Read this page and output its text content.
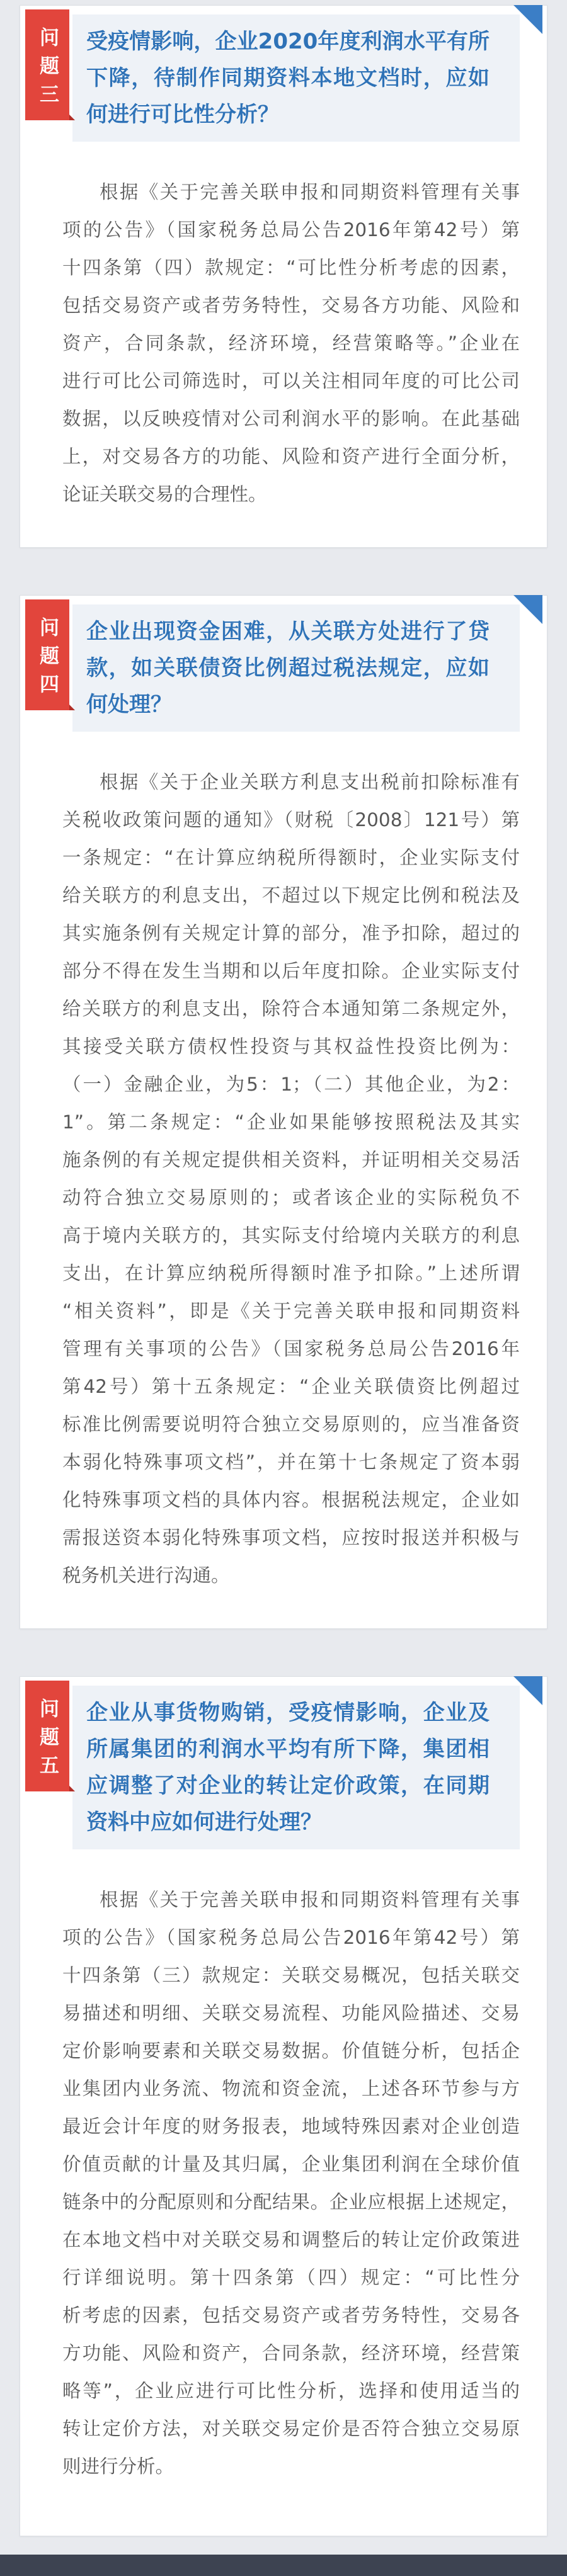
问题三	受疫情影响，企业2020年度利润水平有所
下降，待制作同期资料本地文档时，应如
何进行可比性分析？
根据《关于完善关联申报和同期资料管理有关事
项的公告》（国家税务总局公告2016年第42号）第
十四条第（四）款规定：“可比性分析考虑的因素，
包括交易资产或者劳务特性，交易各方功能、风险和
资产，合同条款，经济环境，经营策略等。”企业在
进行可比公司筛选时，可以关注相同年度的可比公司
数据，以反映疫情对公司利润水平的影响。在此基础
上，对交易各方的功能、风险和资产进行全面分析，
论证关联交易的合理性。
问题四	企业出现资金困难，从关联方处进行了贷
款，如关联债资比例超过税法规定，应如
何处理？
根据《关于企业关联方利息支出税前扣除标准有
关税收政策问题的通知》（财税〔2008〕121号）第
一条规定：“在计算应纳税所得额时，企业实际支付
给关联方的利息支出，不超过以下规定比例和税法及
其实施条例有关规定计算的部分，准予扣除，超过的
部分不得在发生当期和以后年度扣除。企业实际支付
给关联方的利息支出，除符合本通知第二条规定外，
其接受关联方债权性投资与其权益性投资比例为：
（一）金融企业，为5：1；（二）其他企业，为2：
1”。第二条规定：“企业如果能够按照税法及其实
施条例的有关规定提供相关资料，并证明相关交易活
动符合独立交易原则的；或者该企业的实际税负不
高于境内关联方的，其实际支付给境内关联方的利息
支出，在计算应纳税所得额时准予扣除。”上述所谓
“相关资料”，即是《关于完善关联申报和同期资料
管理有关事项的公告》（国家税务总局公告2016年
第42号）第十五条规定：“企业关联债资比例超过
标准比例需要说明符合独立交易原则的，应当准备资
本弱化特殊事项文档”，并在第十七条规定了资本弱
化特殊事项文档的具体内容。根据税法规定，企业如
需报送资本弱化特殊事项文档，应按时报送并积极与
税务机关进行沟通。
问题五	企业从事货物购销，受疫情影响，企业及
所属集团的利润水平均有所下降，集团相
应调整了对企业的转让定价政策，在同期
资料中应如何进行处理？
根据《关于完善关联申报和同期资料管理有关事
项的公告》（国家税务总局公告2016年第42号）第
十四条第（三）款规定：关联交易概况，包括关联交
易描述和明细、关联交易流程、功能风险描述、交易
定价影响要素和关联交易数据。价值链分析，包括企
业集团内业务流、物流和资金流，上述各环节参与方
最近会计年度的财务报表，地域特殊因素对企业创造
价值贡献的计量及其归属，企业集团利润在全球价值
链条中的分配原则和分配结果。企业应根据上述规定，
在本地文档中对关联交易和调整后的转让定价政策进
行详细说明。第十四条第（四）规定：“可比性分
析考虑的因素，包括交易资产或者劳务特性，交易各
方功能、风险和资产，合同条款，经济环境，经营策
略等”，企业应进行可比性分析，选择和使用适当的
转让定价方法，对关联交易定价是否符合独立交易原
则进行分析。
